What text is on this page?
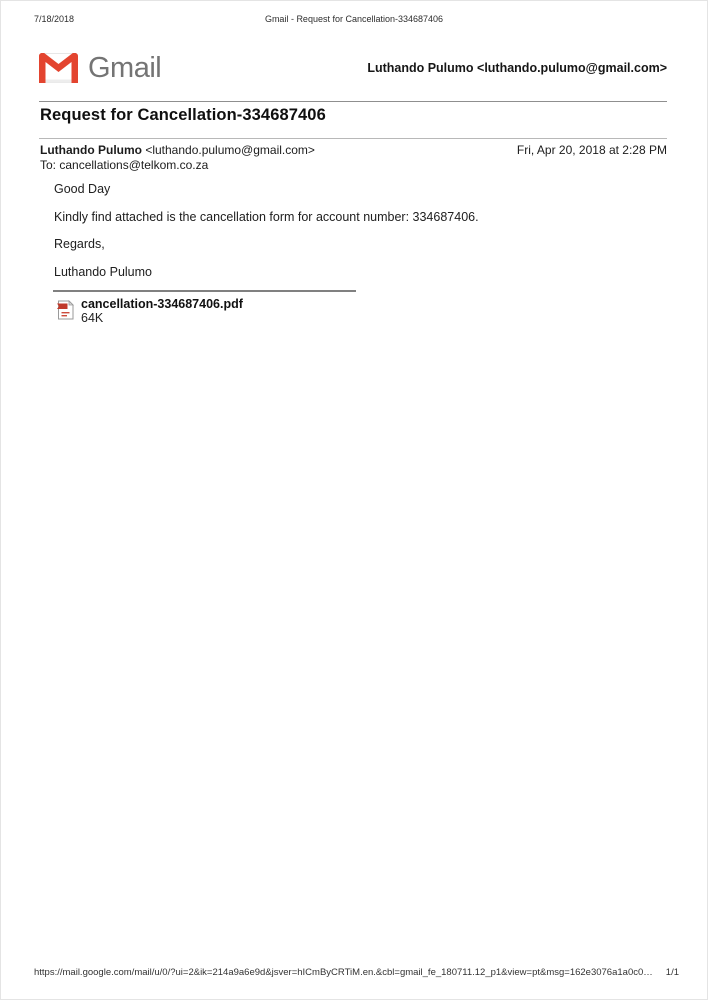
7/18/2018	Gmail - Request for Cancellation-334687406
Gmail	Luthando Pulumo <luthando.pulumo@gmail.com>
Request for Cancellation-334687406
Luthando Pulumo <luthando.pulumo@gmail.com>	Fri, Apr 20, 2018 at 2:28 PM
To: cancellations@telkom.co.za

Good Day

Kindly find attached is the cancellation form for account number: 334687406.

Regards,

Luthando Pulumo

cancellation-334687406.pdf
64K
https://mail.google.com/mail/u/0/?ui=2&ik=214a9a6e9d&jsver=hICmByCRTiM.en.&cbl=gmail_fe_180711.12_p1&view=pt&msg=162e3076a1a0c0… 1/1
